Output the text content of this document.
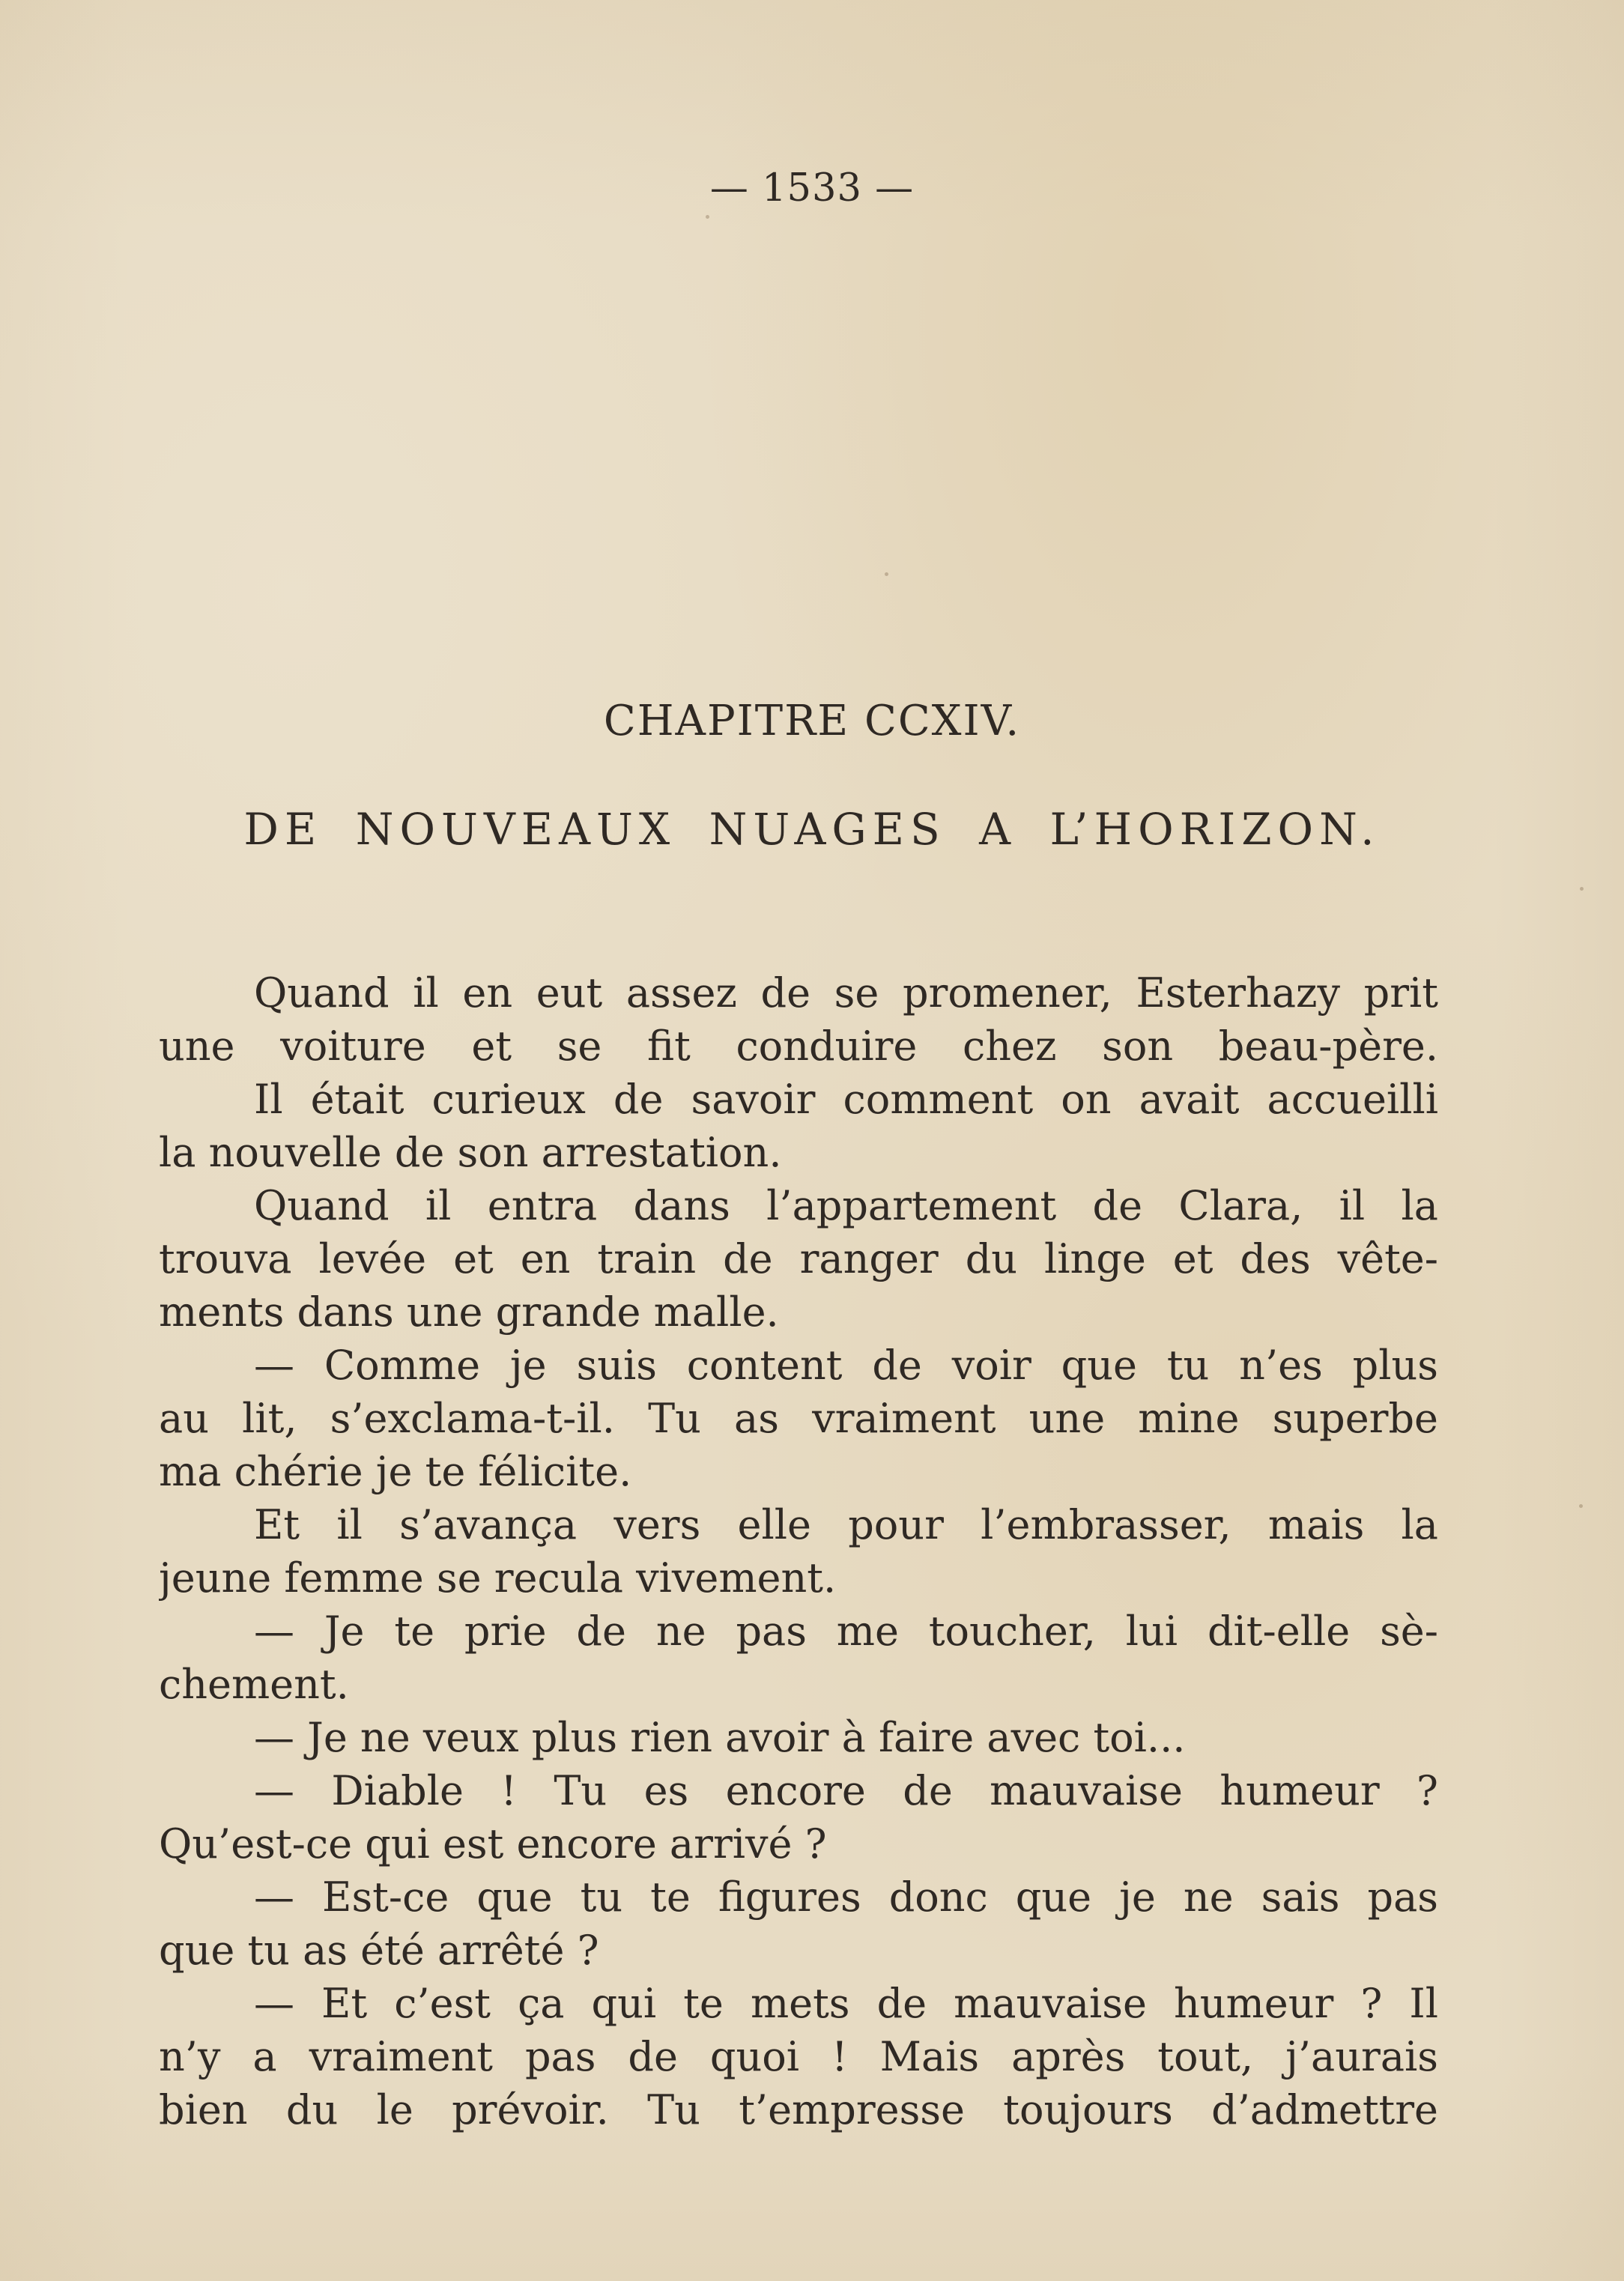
— 1533 —
CHAPITRE CCXIV.
DE NOUVEAUX NUAGES A L’HORIZON.
Quand il en eut assez de se promener, Esterhazy prit
une voiture et se fit conduire chez son beau-père.
Il était curieux de savoir comment on avait accueilli
la nouvelle de son arrestation.
Quand il entra dans l’appartement de Clara, il la
trouva levée et en train de ranger du linge et des vête-
ments dans une grande malle.
— Comme je suis content de voir que tu n’es plus
au lit, s’exclama-t-il. Tu as vraiment une mine superbe
ma chérie je te félicite.
Et il s’avança vers elle pour l’embrasser, mais la
jeune femme se recula vivement.
— Je te prie de ne pas me toucher, lui dit-elle sè-
chement.
— Je ne veux plus rien avoir à faire avec toi...
— Diable ! Tu es encore de mauvaise humeur ?
Qu’est-ce qui est encore arrivé ?
— Est-ce que tu te figures donc que je ne sais pas
que tu as été arrêté ?
— Et c’est ça qui te mets de mauvaise humeur ? Il
n’y a vraiment pas de quoi ! Mais après tout, j’aurais
bien du le prévoir. Tu t’empresse toujours d’admettre
